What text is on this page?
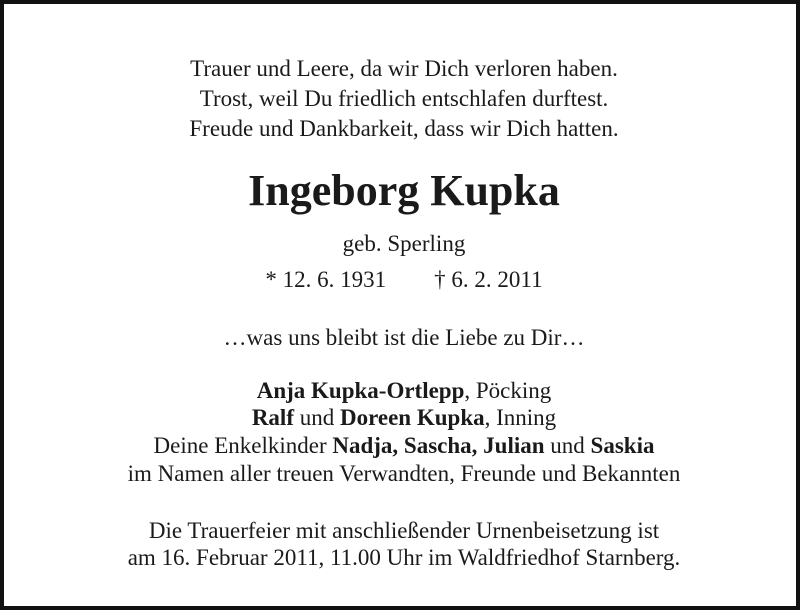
Trauer und Leere, da wir Dich verloren haben.
Trost, weil Du friedlich entschlafen durftest.
Freude und Dankbarkeit, dass wir Dich hatten.
Ingeborg Kupka
geb. Sperling
* 12. 6. 1931 † 6. 2. 2011
…was uns bleibt ist die Liebe zu Dir…
Anja Kupka-Ortlepp, Pöcking
Ralf und Doreen Kupka, Inning
Deine Enkelkinder Nadja, Sascha, Julian und Saskia
im Namen aller treuen Verwandten, Freunde und Bekannten
Die Trauerfeier mit anschließender Urnenbeisetzung ist
am 16. Februar 2011, 11.00 Uhr im Waldfriedhof Starnberg.
